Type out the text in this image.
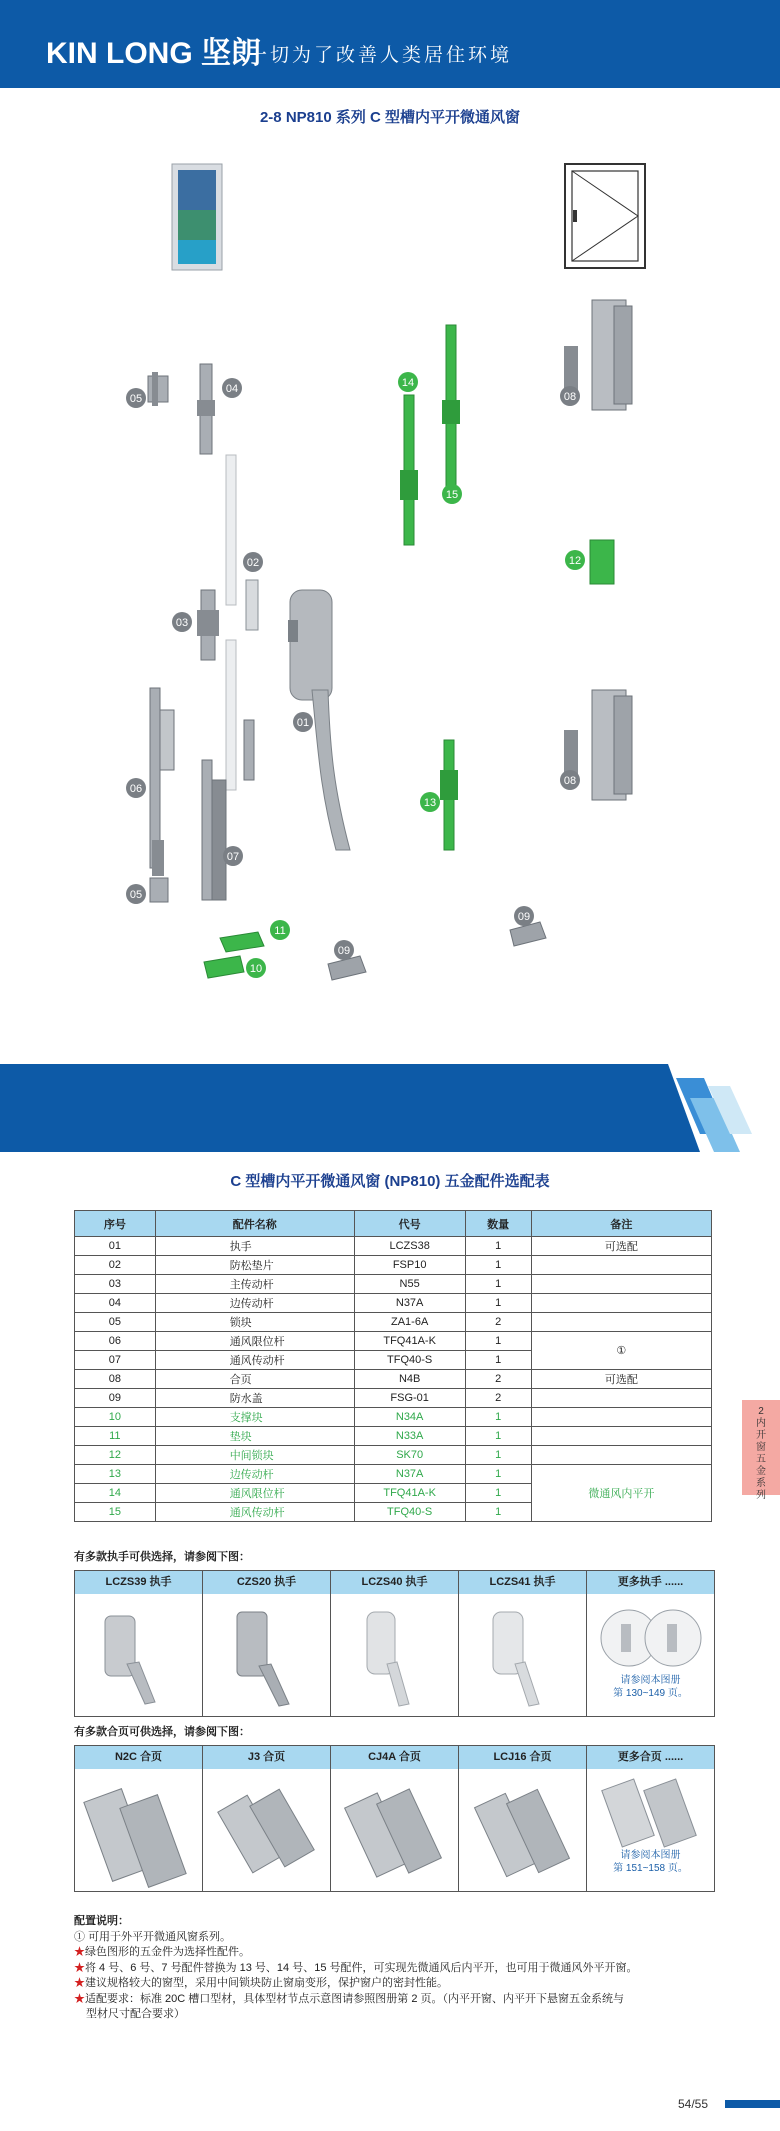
KIN LONG 坚朗
一切为了改善人类居住环境
2-8 NP810 系列 C 型槽内平开微通风窗
05
04
02
03
01
06
07
05
11
10
09
09
14
15
13
12
08
08
C 型槽内平开微通风窗 (NP810) 五金配件选配表
序号	配件名称	代号	数量	备注
01	执手	LCZS38	1	可选配
02	防松垫片	FSP10	1	
03	主传动杆	N55	1	
04	边传动杆	N37A	1	
05	锁块	ZA1-6A	2	
06	通风限位杆	TFQ41A-K	1	①
07	通风传动杆	TFQ40-S	1	
08	合页	N4B	2	可选配
09	防水盖	FSG-01	2	
10	支撑块	N34A	1	
11	垫块	N33A	1	
12	中间锁块	SK70	1	
13	边传动杆	N37A	1	微通风内平开
14	通风限位杆	TFQ41A-K	1	
15	通风传动杆	TFQ40-S	1	
2 内开窗五金系列
有多款执手可供选择，请参阅下图：
LCZS39 执手	CZS20 执手	LCZS40 执手	LCZS41 执手	更多执手 ......
请参阅本图册
第 130~149 页。
有多款合页可供选择，请参阅下图：
N2C 合页	J3 合页	CJ4A 合页	LCJ16 合页	更多合页 ......
请参阅本图册
第 151~158 页。
配置说明：
① 可用于外平开微通风窗系列。
★绿色图形的五金件为选择性配件。
★将 4 号、6 号、7 号配件替换为 13 号、14 号、15 号配件，可实现先微通风后内平开，也可用于微通风外平开窗。
★建议规格较大的窗型，采用中间锁块防止窗扇变形，保护窗户的密封性能。
★适配要求：标准 20C 槽口型材，具体型材节点示意图请参照图册第 2 页。（内平开窗、内平开下悬窗五金系统与
型材尺寸配合要求）
54/55
